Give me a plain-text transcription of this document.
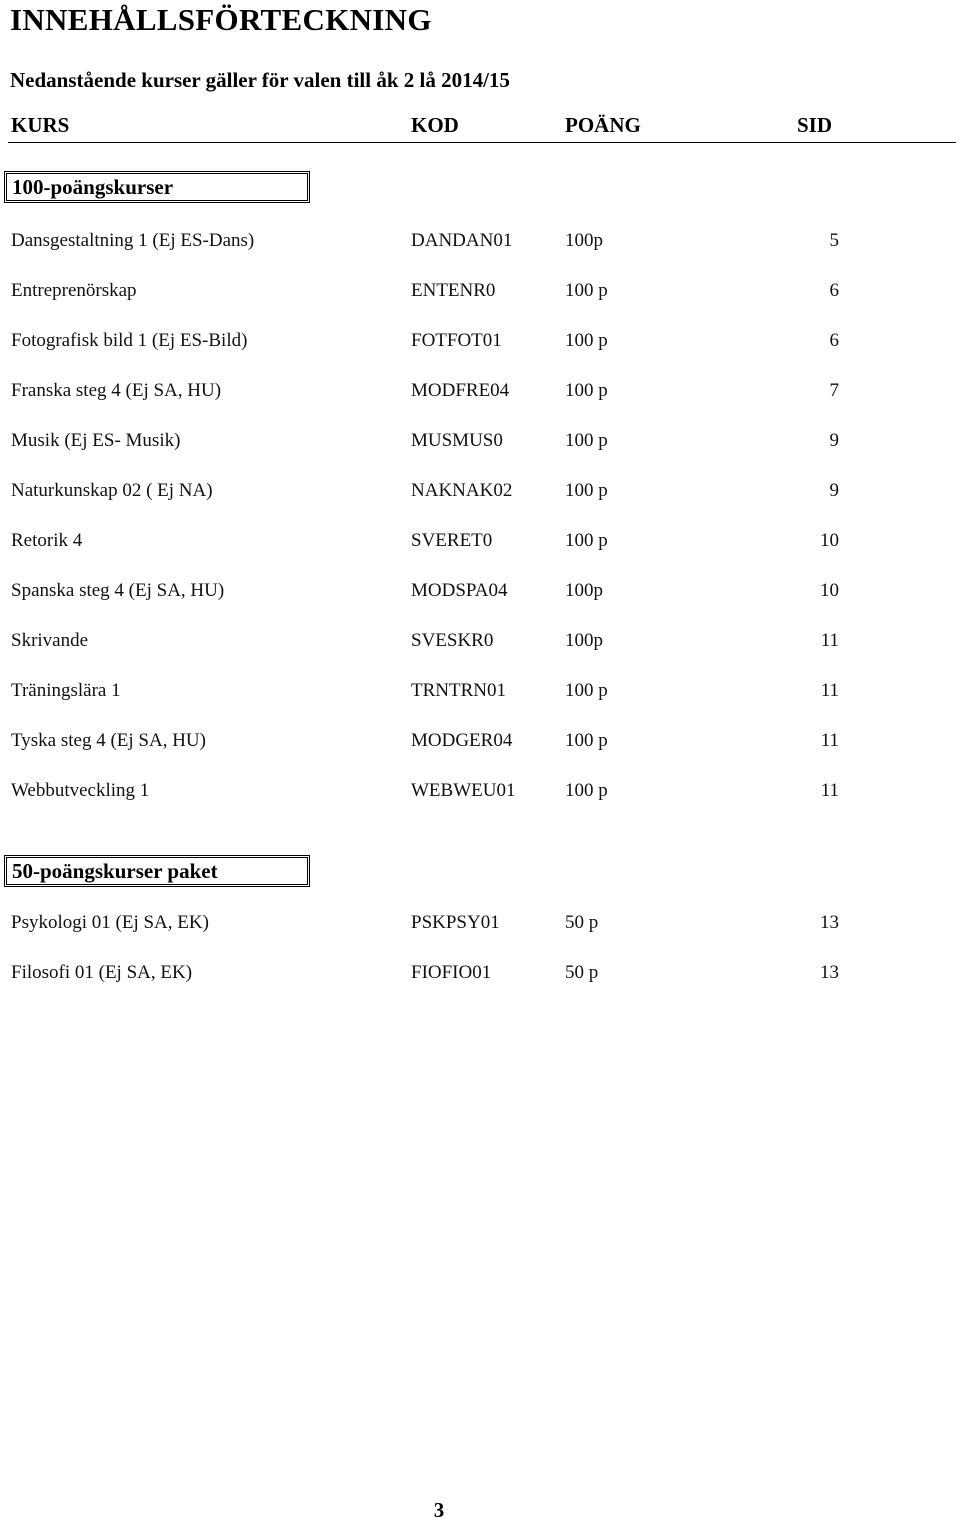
INNEHÅLLSFÖRTECKNING
Nedanstående kurser gäller för valen till åk 2 lå 2014/15
KURS	KOD	POÄNG	SID
100-poängskurser
Dansgestaltning 1 (Ej ES-Dans)	DANDAN01	100p	5
Entreprenörskap	ENTENR0	100 p	6
Fotografisk bild 1 (Ej ES-Bild)	FOTFOT01	100 p	6
Franska steg 4 (Ej SA, HU)	MODFRE04	100 p	7
Musik (Ej ES- Musik)	MUSMUS0	100 p	9
Naturkunskap 02 ( Ej NA)	NAKNAK02	100 p	9
Retorik 4	SVERET0	100 p	10
Spanska steg 4 (Ej SA, HU)	MODSPA04	100p	10
Skrivande	SVESKR0	100p	11
Träningslära 1	TRNTRN01	100 p	11
Tyska steg 4 (Ej SA, HU)	MODGER04	100 p	11
Webbutveckling 1	WEBWEU01	100 p	11
50-poängskurser paket
Psykologi 01 (Ej SA, EK)	PSKPSY01	50 p	13
Filosofi 01 (Ej SA, EK)	FIOFIO01	50 p	13
3
